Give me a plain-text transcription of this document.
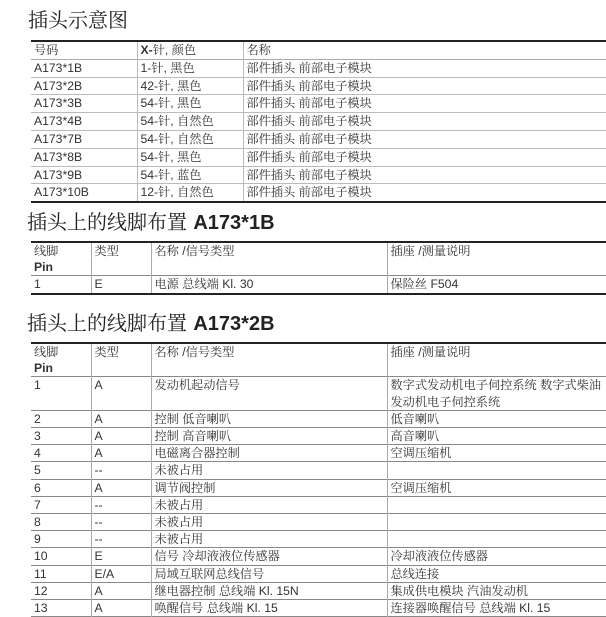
插头示意图
号码	X-针, 颜色	名称
A173*1B	1-针, 黑色	部件插头 前部电子模块
A173*2B	42-针, 黑色	部件插头 前部电子模块
A173*3B	54-针, 黑色	部件插头 前部电子模块
A173*4B	54-针, 自然色	部件插头 前部电子模块
A173*7B	54-针, 自然色	部件插头 前部电子模块
A173*8B	54-针, 黑色	部件插头 前部电子模块
A173*9B	54-针, 蓝色	部件插头 前部电子模块
A173*10B	12-针, 自然色	部件插头 前部电子模块
插头上的线脚布置 A173*1B
线脚
Pin	类型	名称 /信号类型	插座 /测量说明
1	E	电源 总线端 Kl. 30	保险丝 F504
插头上的线脚布置 A173*2B
线脚
Pin	类型	名称 /信号类型	插座 /测量说明
1	A	发动机起动信号	数字式发动机电子伺控系统 数字式柴油发动机电子伺控系统
2	A	控制 低音喇叭	低音喇叭
3	A	控制 高音喇叭	高音喇叭
4	A	电磁离合器控制	空调压缩机
5	--	未被占用	
6	A	调节阀控制	空调压缩机
7	--	未被占用	
8	--	未被占用	
9	--	未被占用	
10	E	信号 冷却液液位传感器	冷却液液位传感器
11	E/A	局域互联网总线信号	总线连接
12	A	继电器控制 总线端 Kl. 15N	集成供电模块 汽油发动机
13	A	唤醒信号 总线端 Kl. 15	连接器唤醒信号 总线端 Kl. 15
